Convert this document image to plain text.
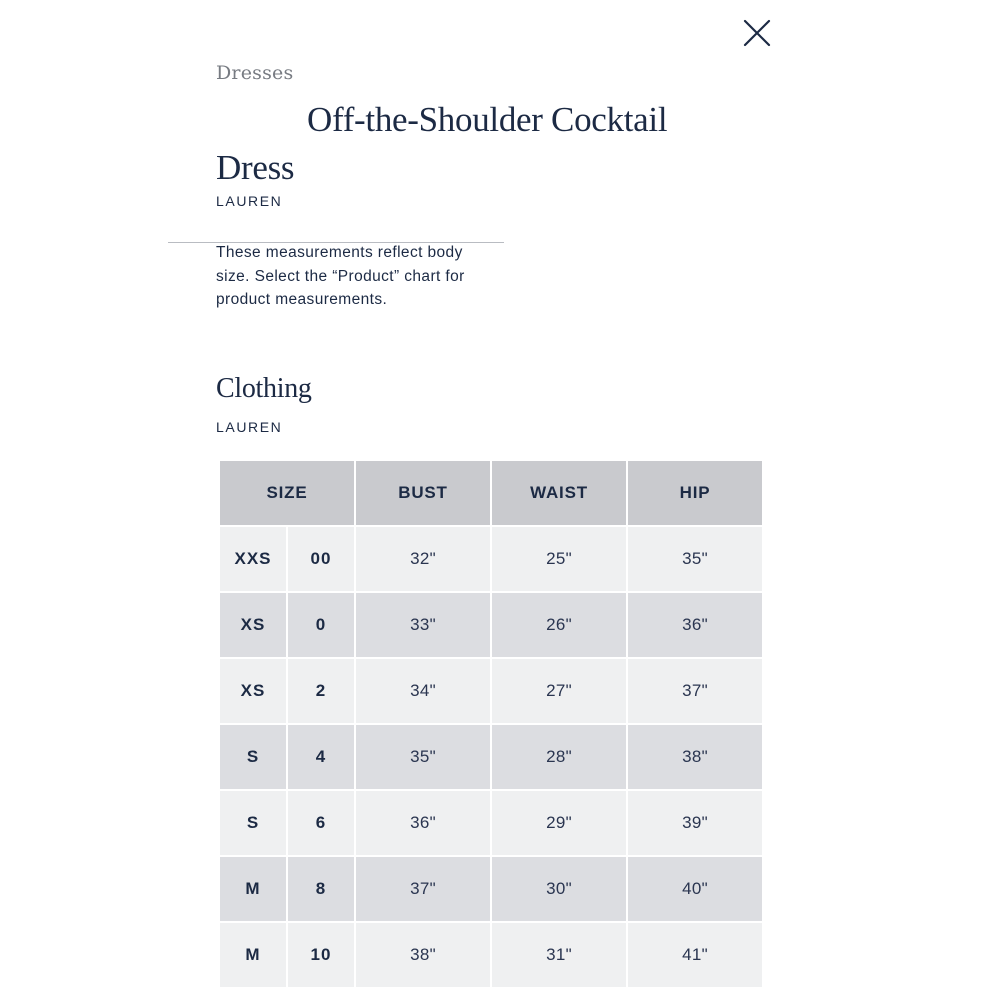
Dresses
Off-the-Shoulder Cocktail Dress
LAUREN
These measurements reflect body size. Select the “Product” chart for product measurements.
Clothing
LAUREN
SIZE		BUST	WAIST	HIP
XXS	00	32"	25"	35"
XS	0	33"	26"	36"
XS	2	34"	27"	37"
S	4	35"	28"	38"
S	6	36"	29"	39"
M	8	37"	30"	40"
M	10	38"	31"	41"
